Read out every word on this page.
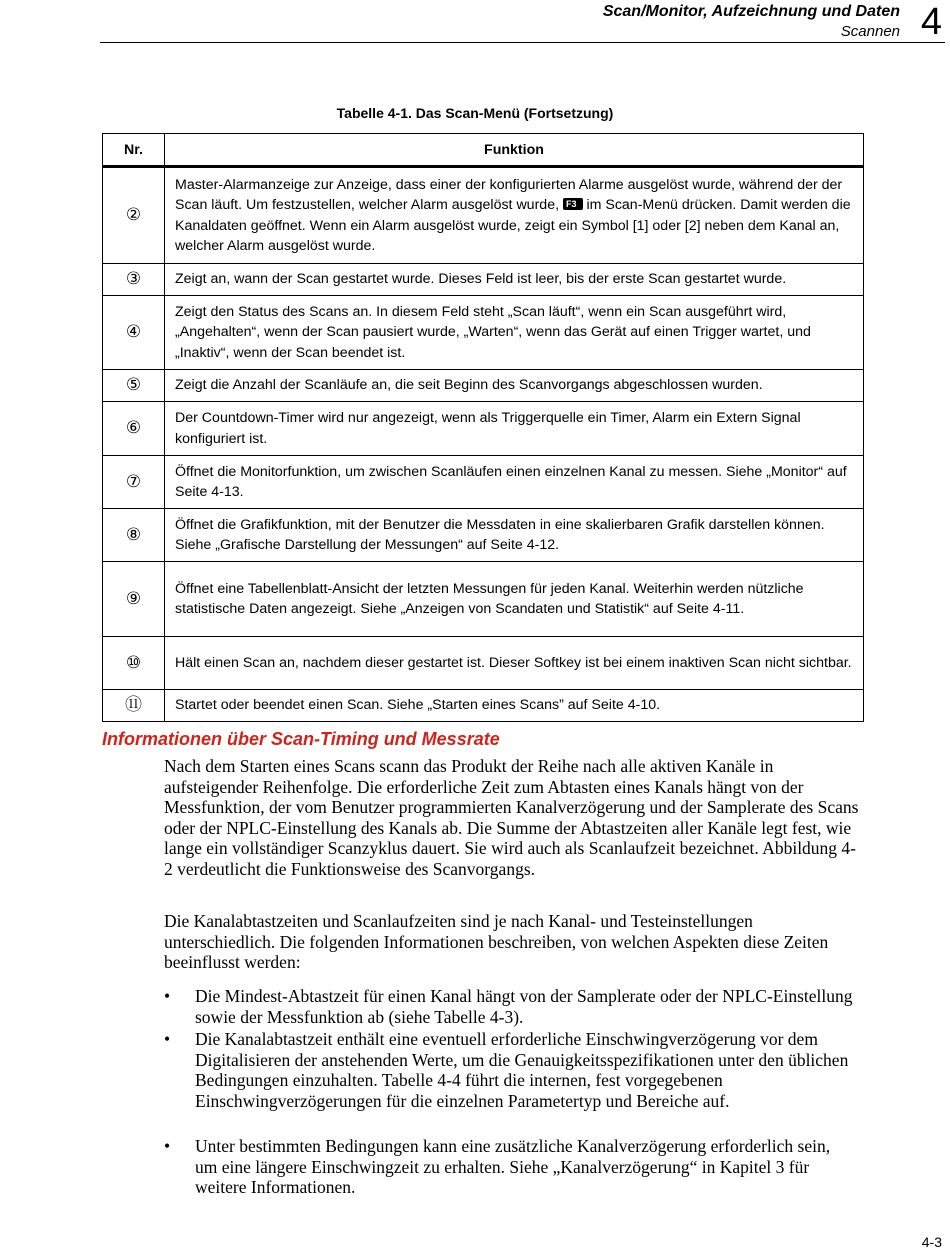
Scan/Monitor, Aufzeichnung und Daten
Scannen 4
Tabelle 4-1. Das Scan-Menü (Fortsetzung)
Nr.	Funktion
②	Master-Alarmanzeige zur Anzeige, dass einer der konfigurierten Alarme ausgelöst wurde, während der der Scan läuft. Um festzustellen, welcher Alarm ausgelöst wurde, F3 im Scan-Menü drücken. Damit werden die Kanaldaten geöffnet. Wenn ein Alarm ausgelöst wurde, zeigt ein Symbol [1] oder [2] neben dem Kanal an, welcher Alarm ausgelöst wurde.
③	Zeigt an, wann der Scan gestartet wurde. Dieses Feld ist leer, bis der erste Scan gestartet wurde.
④	Zeigt den Status des Scans an. In diesem Feld steht „Scan läuft“, wenn ein Scan ausgeführt wird, „Angehalten“, wenn der Scan pausiert wurde, „Warten“, wenn das Gerät auf einen Trigger wartet, und „Inaktiv“, wenn der Scan beendet ist.
⑤	Zeigt die Anzahl der Scanläufe an, die seit Beginn des Scanvorgangs abgeschlossen wurden.
⑥	Der Countdown-Timer wird nur angezeigt, wenn als Triggerquelle ein Timer, Alarm ein Extern Signal konfiguriert ist.
⑦	Öffnet die Monitorfunktion, um zwischen Scanläufen einen einzelnen Kanal zu messen. Siehe „Monitor“ auf Seite 4-13.
⑧	Öffnet die Grafikfunktion, mit der Benutzer die Messdaten in eine skalierbaren Grafik darstellen können. Siehe „Grafische Darstellung der Messungen“ auf Seite 4-12.
⑨	Öffnet eine Tabellenblatt-Ansicht der letzten Messungen für jeden Kanal. Weiterhin werden nützliche statistische Daten angezeigt. Siehe „Anzeigen von Scandaten und Statistik“ auf Seite 4-11.
⑩	Hält einen Scan an, nachdem dieser gestartet ist. Dieser Softkey ist bei einem inaktiven Scan nicht sichtbar.
⑪	Startet oder beendet einen Scan. Siehe „Starten eines Scans” auf Seite 4-10.
Informationen über Scan-Timing und Messrate

Nach dem Starten eines Scans scann das Produkt der Reihe nach alle aktiven Kanäle in aufsteigender Reihenfolge. Die erforderliche Zeit zum Abtasten eines Kanals hängt von der Messfunktion, der vom Benutzer programmierten Kanalverzögerung und der Samplerate des Scans oder der NPLC-Einstellung des Kanals ab. Die Summe der Abtastzeiten aller Kanäle legt fest, wie lange ein vollständiger Scanzyklus dauert. Sie wird auch als Scanlaufzeit bezeichnet. Abbildung 4-2 verdeutlicht die Funktionsweise des Scanvorgangs.

Die Kanalabtastzeiten und Scanlaufzeiten sind je nach Kanal- und Testeinstellungen unterschiedlich. Die folgenden Informationen beschreiben, von welchen Aspekten diese Zeiten beeinflusst werden:

• Die Mindest-Abtastzeit für einen Kanal hängt von der Samplerate oder der NPLC-Einstellung sowie der Messfunktion ab (siehe Tabelle 4-3).
• Die Kanalabtastzeit enthält eine eventuell erforderliche Einschwingverzögerung vor dem Digitalisieren der anstehenden Werte, um die Genauigkeitsspezifikationen unter den üblichen Bedingungen einzuhalten. Tabelle 4-4 führt die internen, fest vorgegebenen Einschwingverzögerungen für die einzelnen Parametertyp und Bereiche auf.
• Unter bestimmten Bedingungen kann eine zusätzliche Kanalverzögerung erforderlich sein, um eine längere Einschwingzeit zu erhalten. Siehe „Kanalverzögerung“ in Kapitel 3 für weitere Informationen.
4-3
